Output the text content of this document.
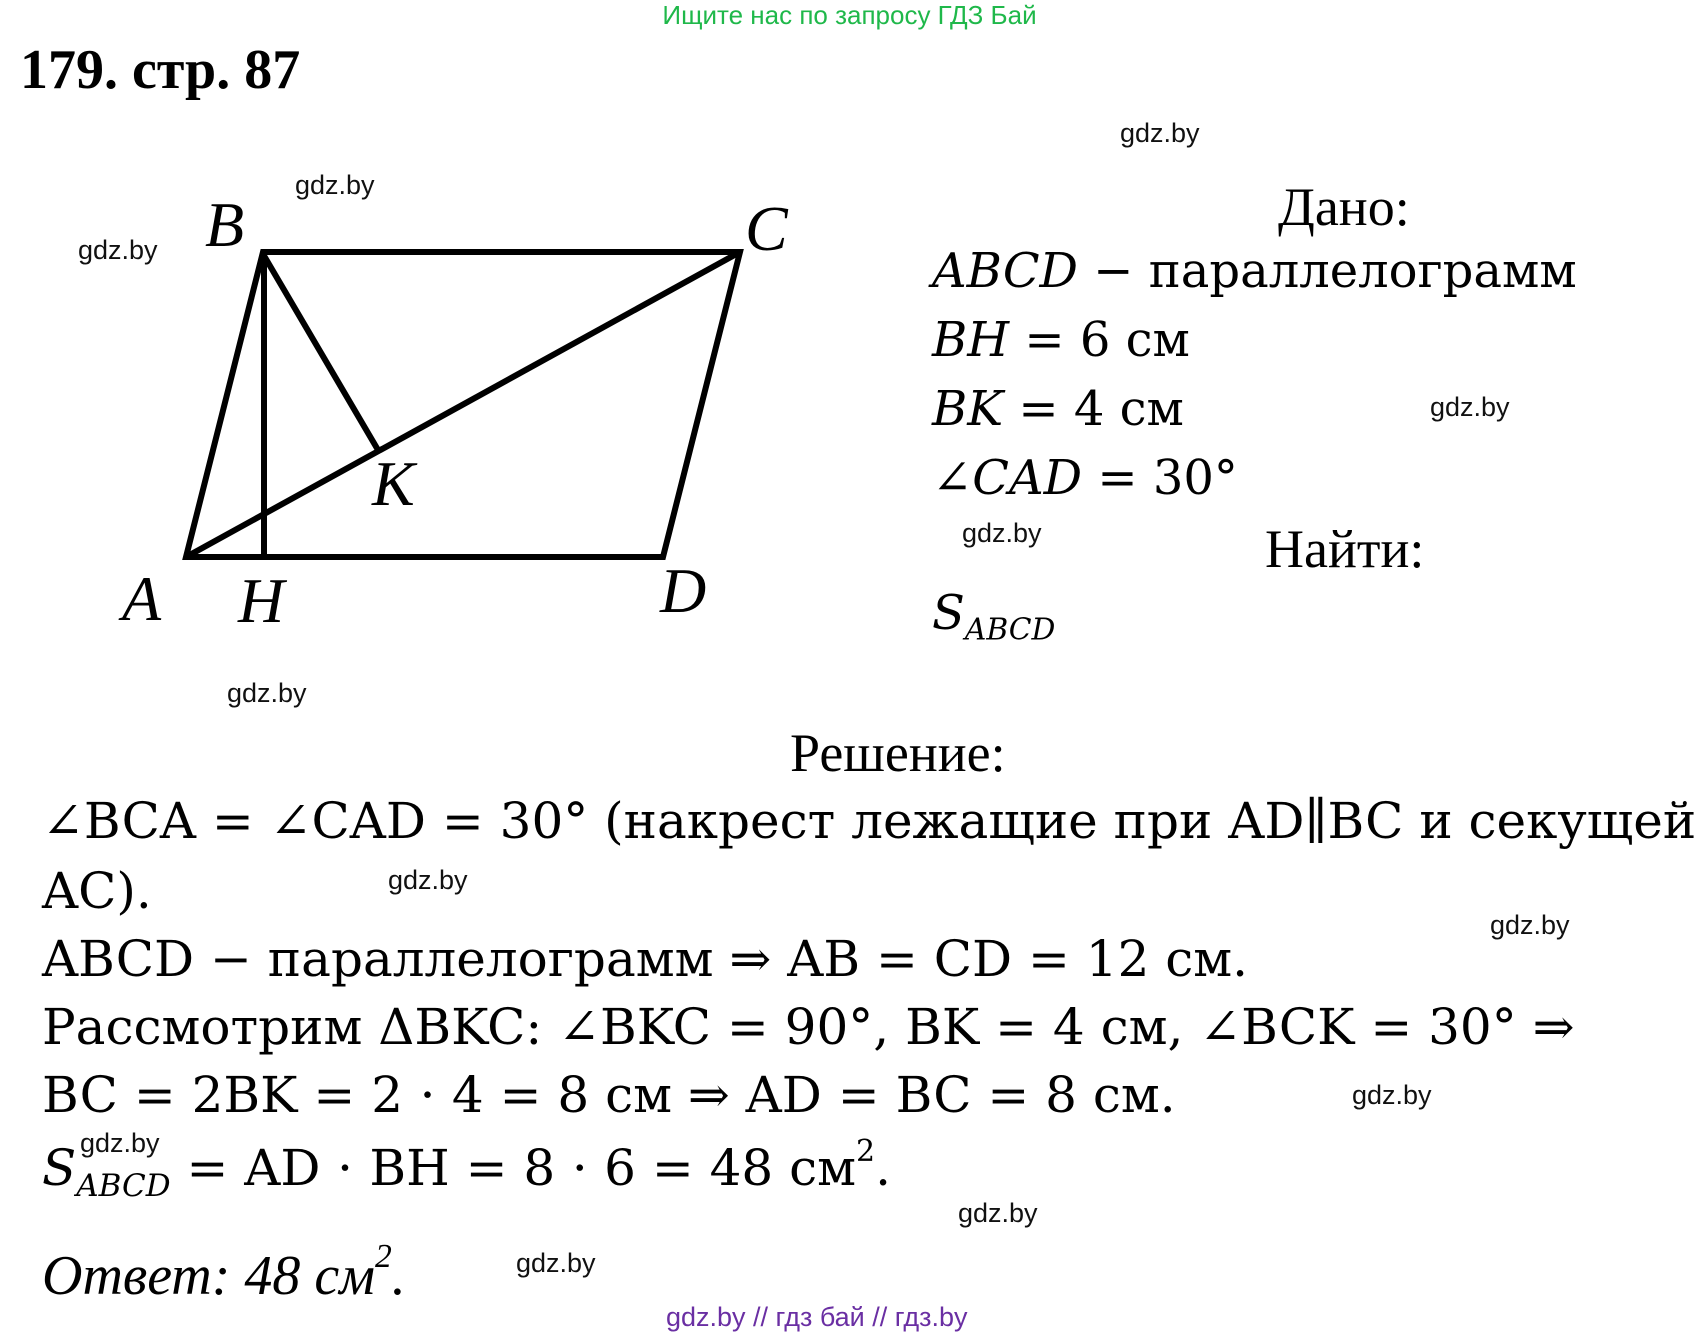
Ищите нас по запросу ГДЗ Бай
179. стр. 87
gdz.by
gdz.by
gdz.by
gdz.by
gdz.by
gdz.by
gdz.by
gdz.by
gdz.by
gdz.by
gdz.by
gdz.by
B	C
A H	D
K
Дано:
ABCD − параллелограмм
BH = 6 см
BK = 4 см
∠CAD = 30°
Найти:
$S_{ABCD}$
Решение:
∠BCA = ∠CAD = 30° (накрест лежащие при AD∥BC и секущей
AC).
ABCD − параллелограмм ⇒ AB = CD = 12 см.
Рассмотрим ΔBKC: ∠BKC = 90°, BK = 4 см, ∠BCK = 30° ⇒
BC = 2BK = 2 ⋅ 4 = 8 см ⇒ AD = BC = 8 см.
$S_{ABCD}$ = AD ⋅ BH = 8 ⋅ 6 = 48 $см^2$.
Ответ: 48 $см^2$.
gdz.by // гдз бай // гдз.by
